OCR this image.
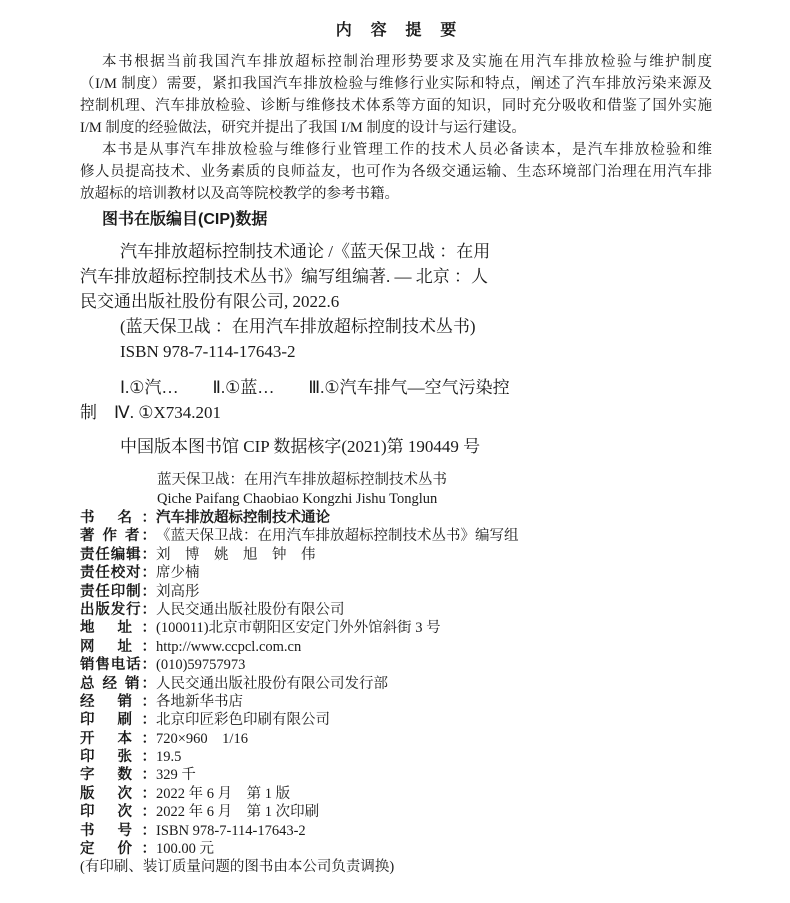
内 容 提 要
本书根据当前我国汽车排放超标控制治理形势要求及实施在用汽车排放检验与维护制度
（I/M 制度）需要，紧扣我国汽车排放检验与维修行业实际和特点，阐述了汽车排放污染来源及
控制机理、汽车排放检验、诊断与维修技术体系等方面的知识，同时充分吸收和借鉴了国外实施
I/M 制度的经验做法，研究并提出了我国 I/M 制度的设计与运行建设。
本书是从事汽车排放检验与维修行业管理工作的技术人员必备读本，是汽车排放检验和维
修人员提高技术、业务素质的良师益友，也可作为各级交通运输、生态环境部门治理在用汽车排
放超标的培训教材以及高等院校教学的参考书籍。
图书在版编目(CIP)数据
汽车排放超标控制技术通论 /《蓝天保卫战 ：在用
汽车排放超标控制技术丛书》编写组编著. — 北京 ：人
民交通出版社股份有限公司, 2022.6
(蓝天保卫战 ：在用汽车排放超标控制技术丛书)
ISBN 978-7-114-17643-2
Ⅰ.①汽…　　Ⅱ.①蓝…　　Ⅲ.①汽车排气—空气污染控
制　Ⅳ. ①X734.201
中国版本图书馆 CIP 数据核字(2021)第 190449 号
蓝天保卫战：在用汽车排放超标控制技术丛书
Qiche Paifang Chaobiao Kongzhi Jishu Tonglun
书 名： 汽车排放超标控制技术通论
著 作 者： 《蓝天保卫战：在用汽车排放超标控制技术丛书》编写组
责任编辑： 刘　博　姚　旭　钟　伟
责任校对： 席少楠
责任印制： 刘高彤
出版发行： 人民交通出版社股份有限公司
地 址： (100011)北京市朝阳区安定门外外馆斜街 3 号
网 址： http://www.ccpcl.com.cn
销售电话： (010)59757973
总 经 销： 人民交通出版社股份有限公司发行部
经 销： 各地新华书店
印 刷： 北京印匠彩色印刷有限公司
开 本： 720×960　1/16
印 张： 19.5
字 数： 329 千
版 次： 2022 年 6 月　第 1 版
印 次： 2022 年 6 月　第 1 次印刷
书 号： ISBN 978-7-114-17643-2
定 价： 100.00 元
(有印刷、装订质量问题的图书由本公司负责调换)
